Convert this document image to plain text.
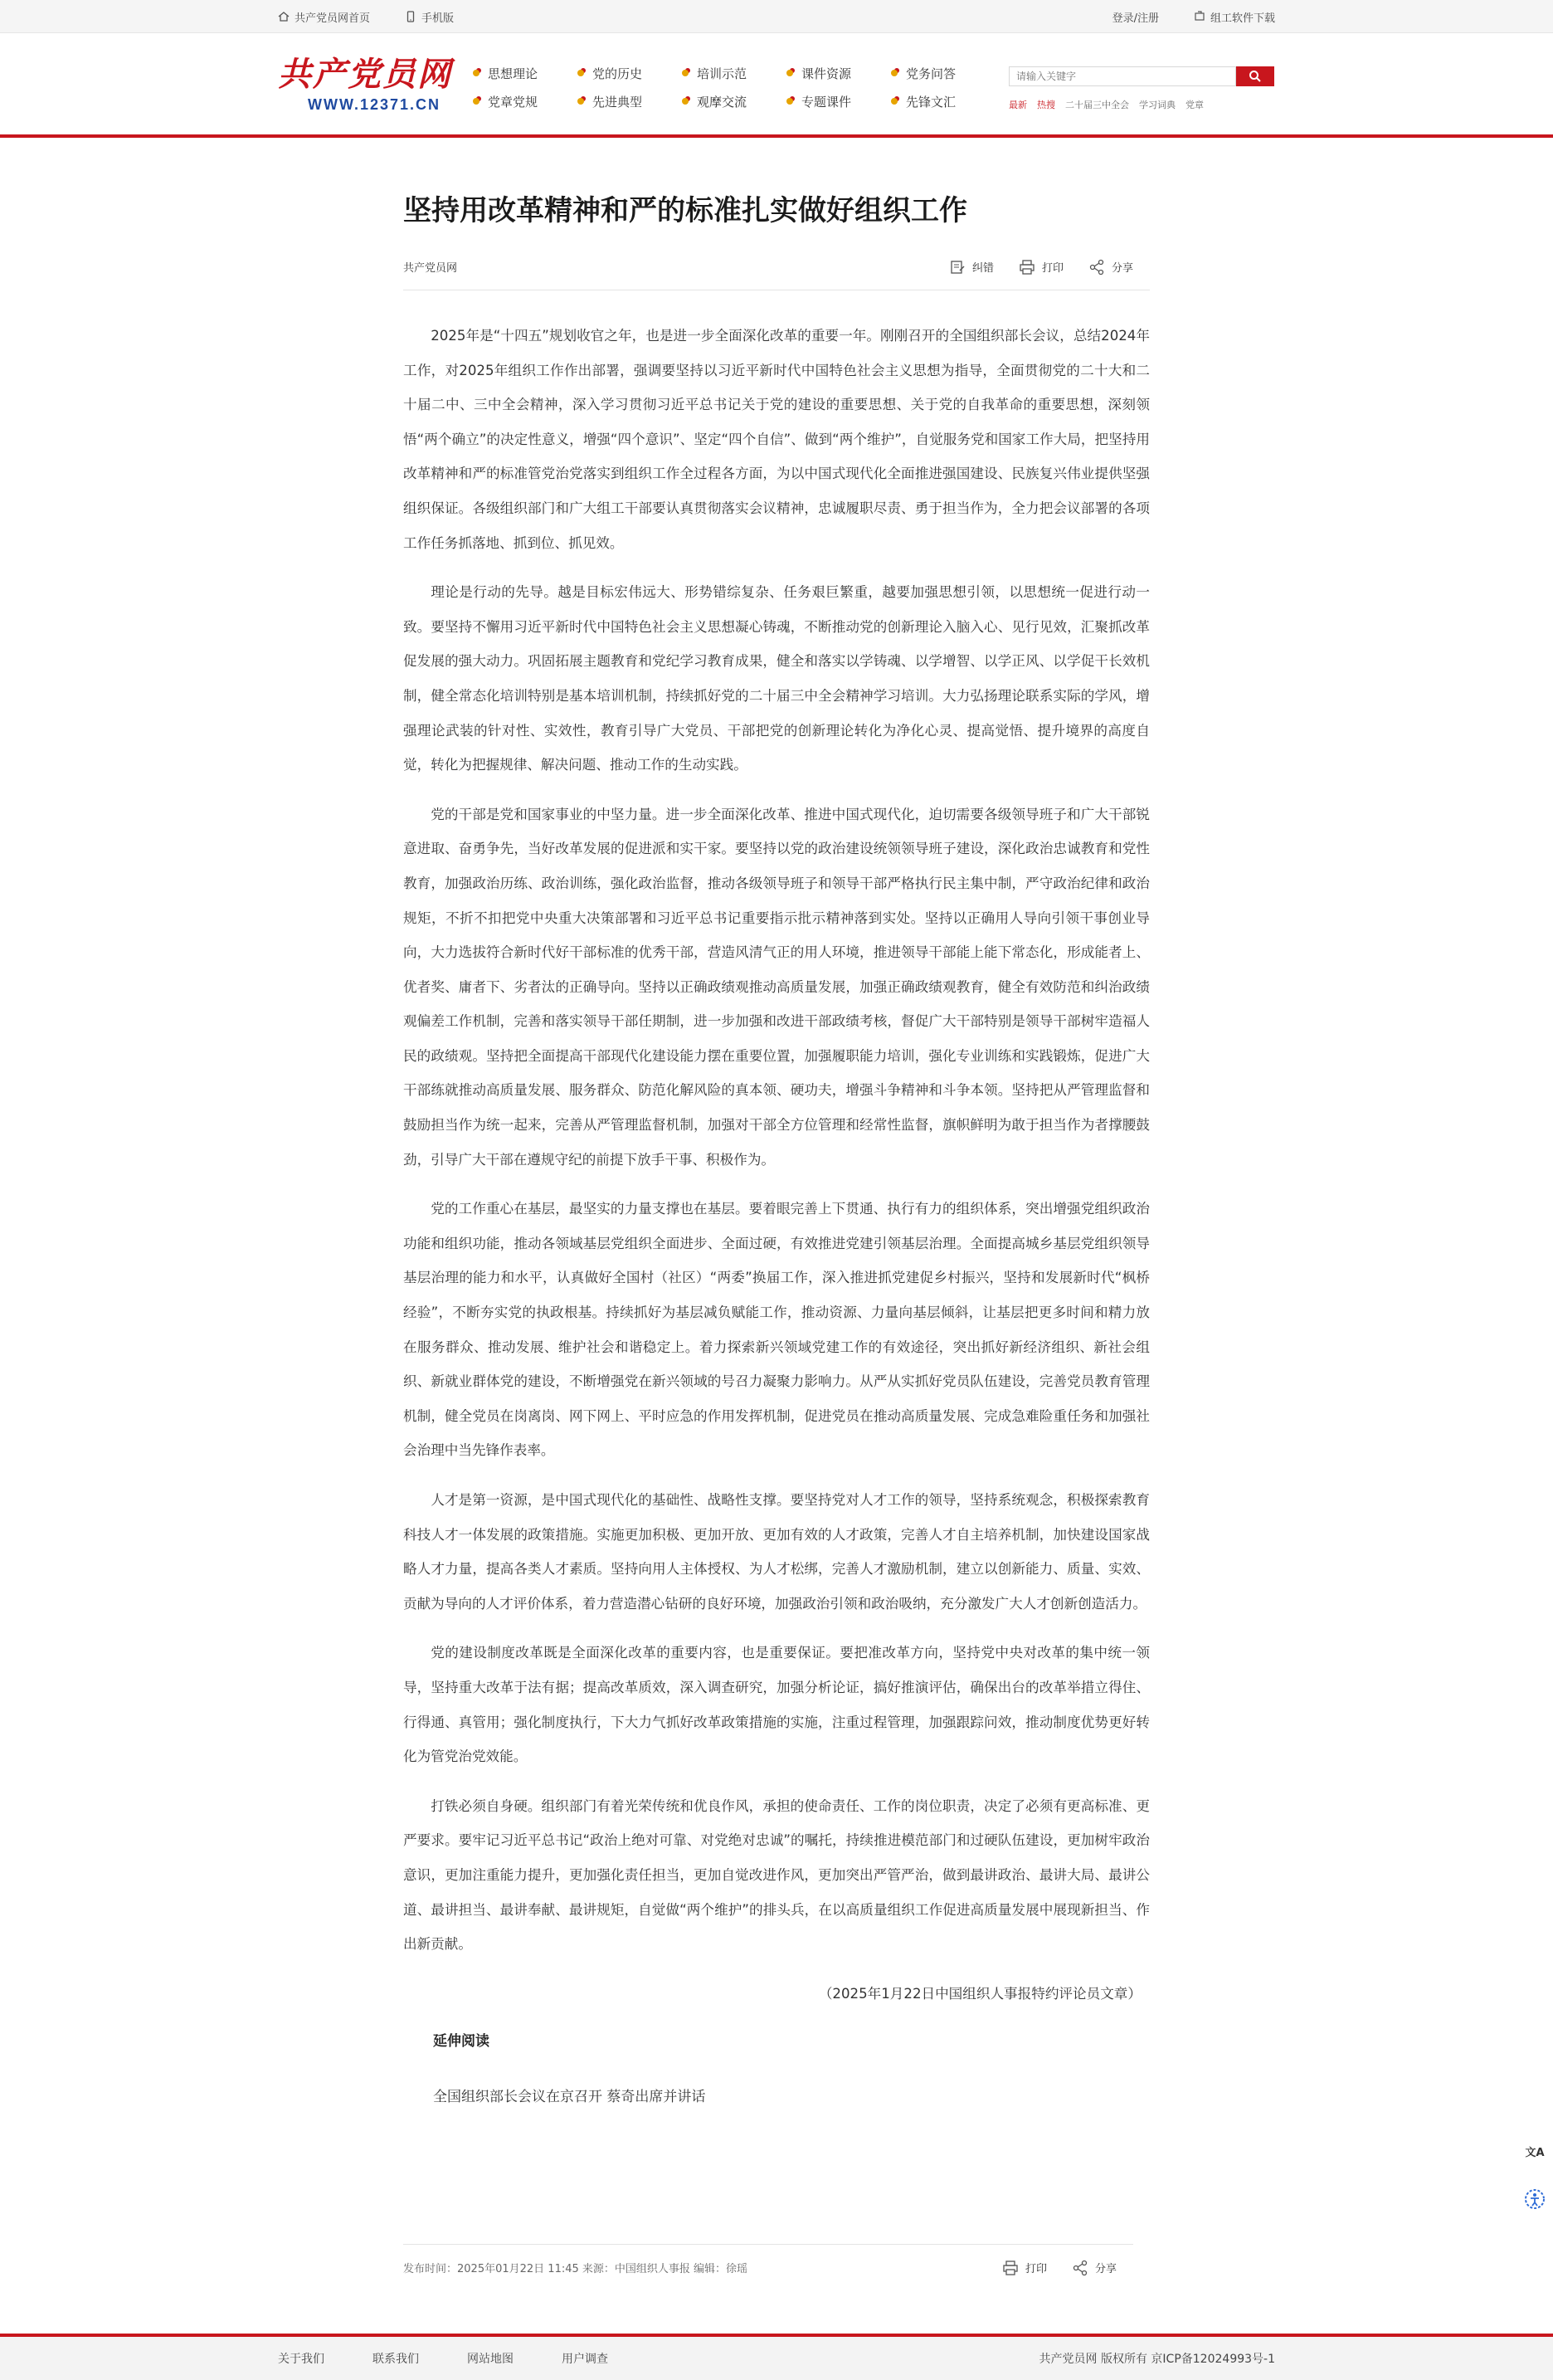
共产党员网首页	手机版	登录/注册	组工软件下载
共产党员网
WWW.12371.CN
思想理论	党的历史	培训示范	课件资源	党务问答
党章党规	先进典型	观摩交流	专题课件	先锋文汇
请输入关键字	最新 热搜 二十届三中全会 学习词典 党章
坚持用改革精神和严的标准扎实做好组织工作
共产党员网	纠错	打印	分享

2025年是“十四五”规划收官之年，也是进一步全面深化改革的重要一年。刚刚召开的全国组织部长会议，总结2024年工作，对2025年组织工作作出部署，强调要坚持以习近平新时代中国特色社会主义思想为指导，全面贯彻党的二十大和二十届二中、三中全会精神，深入学习贯彻习近平总书记关于党的建设的重要思想、关于党的自我革命的重要思想，深刻领悟“两个确立”的决定性意义，增强“四个意识”、坚定“四个自信”、做到“两个维护”，自觉服务党和国家工作大局，把坚持用改革精神和严的标准管党治党落实到组织工作全过程各方面，为以中国式现代化全面推进强国建设、民族复兴伟业提供坚强组织保证。各级组织部门和广大组工干部要认真贯彻落实会议精神，忠诚履职尽责、勇于担当作为，全力把会议部署的各项工作任务抓落地、抓到位、抓见效。

理论是行动的先导。越是目标宏伟远大、形势错综复杂、任务艰巨繁重，越要加强思想引领，以思想统一促进行动一致。要坚持不懈用习近平新时代中国特色社会主义思想凝心铸魂，不断推动党的创新理论入脑入心、见行见效，汇聚抓改革促发展的强大动力。巩固拓展主题教育和党纪学习教育成果，健全和落实以学铸魂、以学增智、以学正风、以学促干长效机制，健全常态化培训特别是基本培训机制，持续抓好党的二十届三中全会精神学习培训。大力弘扬理论联系实际的学风，增强理论武装的针对性、实效性，教育引导广大党员、干部把党的创新理论转化为净化心灵、提高觉悟、提升境界的高度自觉，转化为把握规律、解决问题、推动工作的生动实践。

党的干部是党和国家事业的中坚力量。进一步全面深化改革、推进中国式现代化，迫切需要各级领导班子和广大干部锐意进取、奋勇争先，当好改革发展的促进派和实干家。要坚持以党的政治建设统领领导班子建设，深化政治忠诚教育和党性教育，加强政治历练、政治训练，强化政治监督，推动各级领导班子和领导干部严格执行民主集中制，严守政治纪律和政治规矩，不折不扣把党中央重大决策部署和习近平总书记重要指示批示精神落到实处。坚持以正确用人导向引领干事创业导向，大力选拔符合新时代好干部标准的优秀干部，营造风清气正的用人环境，推进领导干部能上能下常态化，形成能者上、优者奖、庸者下、劣者汰的正确导向。坚持以正确政绩观推动高质量发展，加强正确政绩观教育，健全有效防范和纠治政绩观偏差工作机制，完善和落实领导干部任期制，进一步加强和改进干部政绩考核，督促广大干部特别是领导干部树牢造福人民的政绩观。坚持把全面提高干部现代化建设能力摆在重要位置，加强履职能力培训，强化专业训练和实践锻炼，促进广大干部练就推动高质量发展、服务群众、防范化解风险的真本领、硬功夫，增强斗争精神和斗争本领。坚持把从严管理监督和鼓励担当作为统一起来，完善从严管理监督机制，加强对干部全方位管理和经常性监督，旗帜鲜明为敢于担当作为者撑腰鼓劲，引导广大干部在遵规守纪的前提下放手干事、积极作为。

党的工作重心在基层，最坚实的力量支撑也在基层。要着眼完善上下贯通、执行有力的组织体系，突出增强党组织政治功能和组织功能，推动各领域基层党组织全面进步、全面过硬，有效推进党建引领基层治理。全面提高城乡基层党组织领导基层治理的能力和水平，认真做好全国村（社区）“两委”换届工作，深入推进抓党建促乡村振兴，坚持和发展新时代“枫桥经验”，不断夯实党的执政根基。持续抓好为基层减负赋能工作，推动资源、力量向基层倾斜，让基层把更多时间和精力放在服务群众、推动发展、维护社会和谐稳定上。着力探索新兴领域党建工作的有效途径，突出抓好新经济组织、新社会组织、新就业群体党的建设，不断增强党在新兴领域的号召力凝聚力影响力。从严从实抓好党员队伍建设，完善党员教育管理机制，健全党员在岗离岗、网下网上、平时应急的作用发挥机制，促进党员在推动高质量发展、完成急难险重任务和加强社会治理中当先锋作表率。

人才是第一资源，是中国式现代化的基础性、战略性支撑。要坚持党对人才工作的领导，坚持系统观念，积极探索教育科技人才一体发展的政策措施。实施更加积极、更加开放、更加有效的人才政策，完善人才自主培养机制，加快建设国家战略人才力量，提高各类人才素质。坚持向用人主体授权、为人才松绑，完善人才激励机制，建立以创新能力、质量、实效、贡献为导向的人才评价体系，着力营造潜心钻研的良好环境，加强政治引领和政治吸纳，充分激发广大人才创新创造活力。

党的建设制度改革既是全面深化改革的重要内容，也是重要保证。要把准改革方向，坚持党中央对改革的集中统一领导，坚持重大改革于法有据；提高改革质效，深入调查研究，加强分析论证，搞好推演评估，确保出台的改革举措立得住、行得通、真管用；强化制度执行，下大力气抓好改革政策措施的实施，注重过程管理，加强跟踪问效，推动制度优势更好转化为管党治党效能。

打铁必须自身硬。组织部门有着光荣传统和优良作风，承担的使命责任、工作的岗位职责，决定了必须有更高标准、更严要求。要牢记习近平总书记“政治上绝对可靠、对党绝对忠诚”的嘱托，持续推进模范部门和过硬队伍建设，更加树牢政治意识，更加注重能力提升，更加强化责任担当，更加自觉改进作风，更加突出严管严治，做到最讲政治、最讲大局、最讲公道、最讲担当、最讲奉献、最讲规矩，自觉做“两个维护”的排头兵，在以高质量组织工作促进高质量发展中展现新担当、作出新贡献。

（2025年1月22日中国组织人事报特约评论员文章）

延伸阅读
全国组织部长会议在京召开 蔡奇出席并讲话
发布时间：2025年01月22日 11:45 来源：中国组织人事报 编辑：徐瑶	打印	分享
文A
关于我们	联系我们	网站地图	用户调查	共产党员网 版权所有 京ICP备12024993号-1
